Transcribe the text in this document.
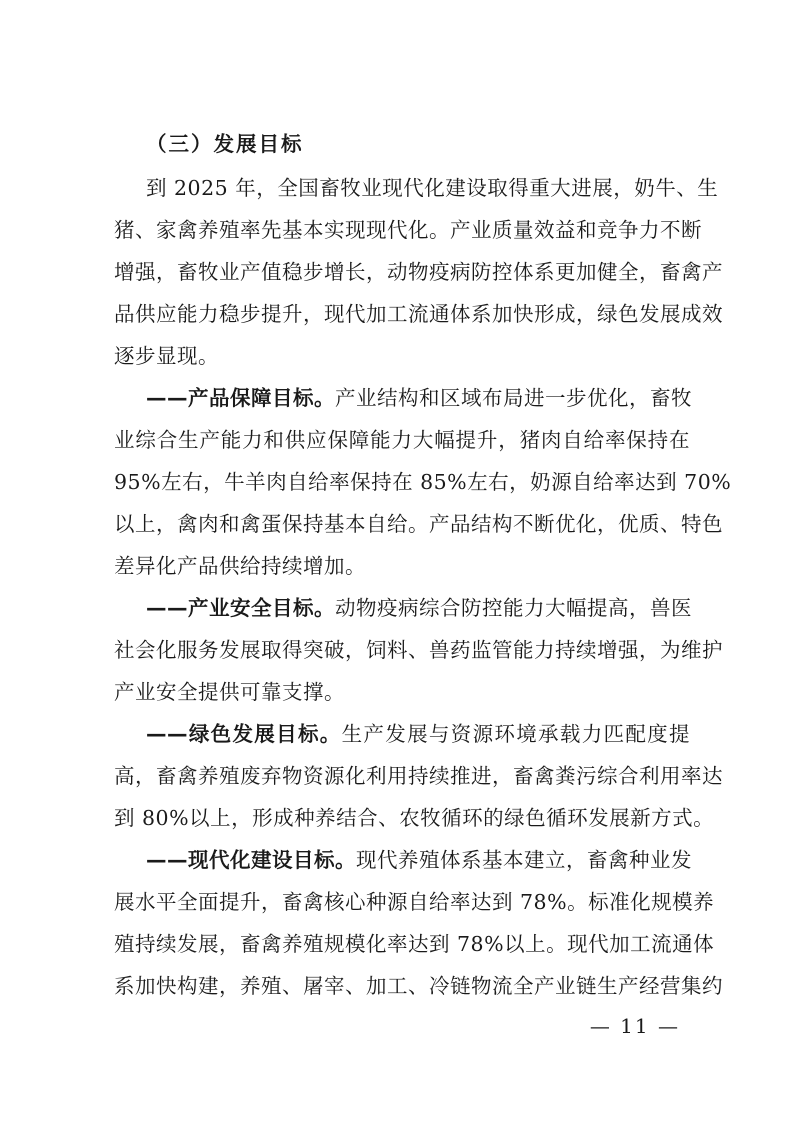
（三）发展目标
到 2025 年，全国畜牧业现代化建设取得重大进展，奶牛、生
猪、家禽养殖率先基本实现现代化。产业质量效益和竞争力不断
增强，畜牧业产值稳步增长，动物疫病防控体系更加健全，畜禽产
品供应能力稳步提升，现代加工流通体系加快形成，绿色发展成效
逐步显现。
——产品保障目标。产业结构和区域布局进一步优化，畜牧
业综合生产能力和供应保障能力大幅提升，猪肉自给率保持在
95%左右，牛羊肉自给率保持在 85%左右，奶源自给率达到 70%
以上，禽肉和禽蛋保持基本自给。产品结构不断优化，优质、特色
差异化产品供给持续增加。
——产业安全目标。动物疫病综合防控能力大幅提高，兽医
社会化服务发展取得突破，饲料、兽药监管能力持续增强，为维护
产业安全提供可靠支撑。
——绿色发展目标。生产发展与资源环境承载力匹配度提
高，畜禽养殖废弃物资源化利用持续推进，畜禽粪污综合利用率达
到 80%以上，形成种养结合、农牧循环的绿色循环发展新方式。
——现代化建设目标。现代养殖体系基本建立，畜禽种业发
展水平全面提升，畜禽核心种源自给率达到 78%。标准化规模养
殖持续发展，畜禽养殖规模化率达到 78%以上。现代加工流通体
系加快构建，养殖、屠宰、加工、冷链物流全产业链生产经营集约
— 11 —
